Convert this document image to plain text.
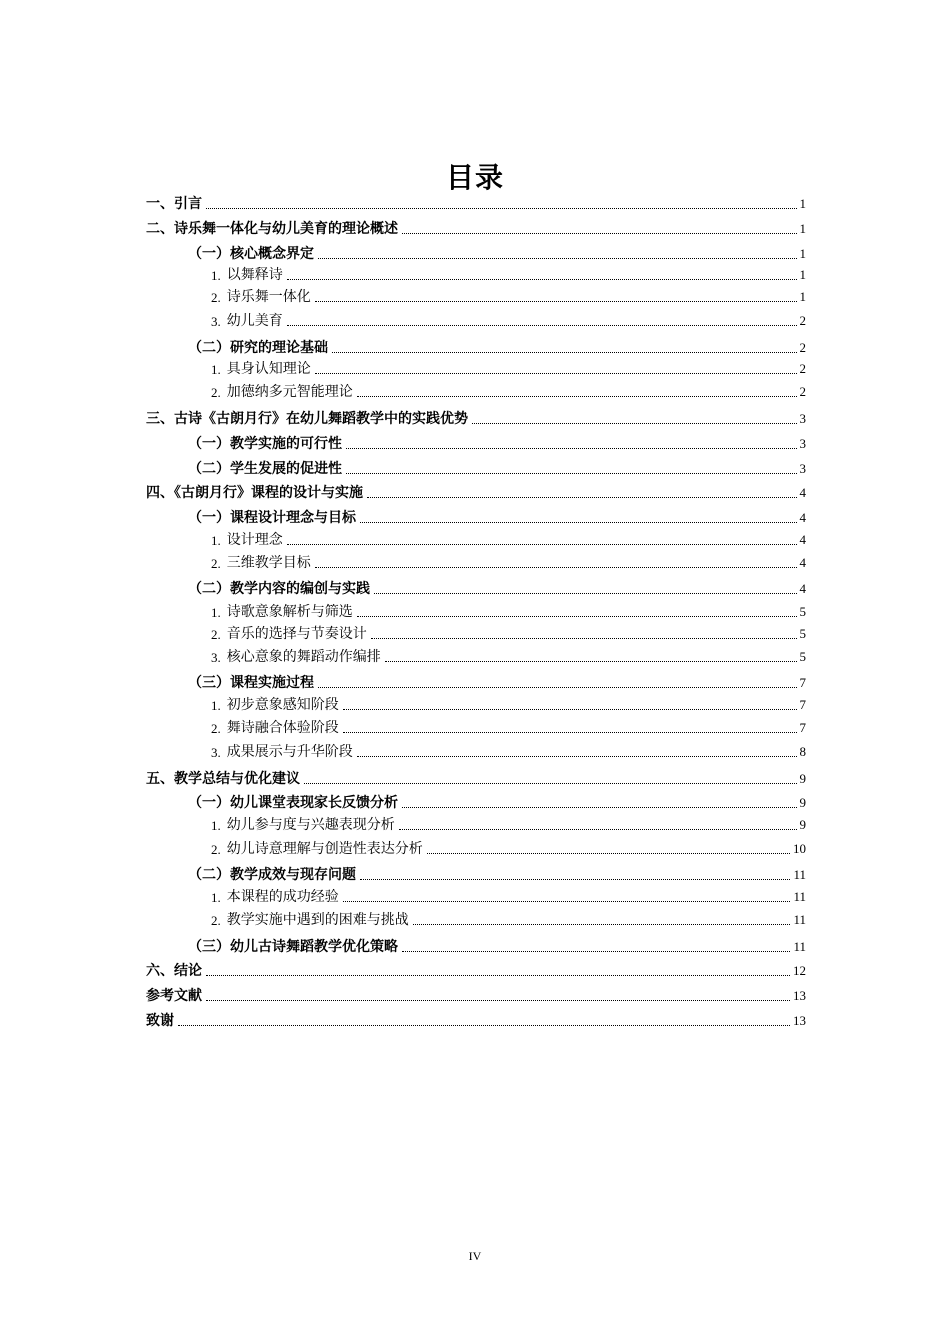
目录
一、引言	1
二、诗乐舞一体化与幼儿美育的理论概述	1
（一）核心概念界定	1
1. 以舞释诗	1
2. 诗乐舞一体化	1
3. 幼儿美育	2
（二）研究的理论基础	2
1. 具身认知理论	2
2. 加德纳多元智能理论	2
三、古诗《古朗月行》在幼儿舞蹈教学中的实践优势	3
（一）教学实施的可行性	3
（二）学生发展的促进性	3
四、《古朗月行》课程的设计与实施	4
（一）课程设计理念与目标	4
1. 设计理念	4
2. 三维教学目标	4
（二）教学内容的编创与实践	4
1. 诗歌意象解析与筛选	5
2. 音乐的选择与节奏设计	5
3. 核心意象的舞蹈动作编排	5
（三）课程实施过程	7
1. 初步意象感知阶段	7
2. 舞诗融合体验阶段	7
3. 成果展示与升华阶段	8
五、教学总结与优化建议	9
（一）幼儿课堂表现家长反馈分析	9
1. 幼儿参与度与兴趣表现分析	9
2. 幼儿诗意理解与创造性表达分析	10
（二）教学成效与现存问题	11
1. 本课程的成功经验	11
2. 教学实施中遇到的困难与挑战	11
（三）幼儿古诗舞蹈教学优化策略	11
六、结论	12
参考文献	13
致谢	13
IV
